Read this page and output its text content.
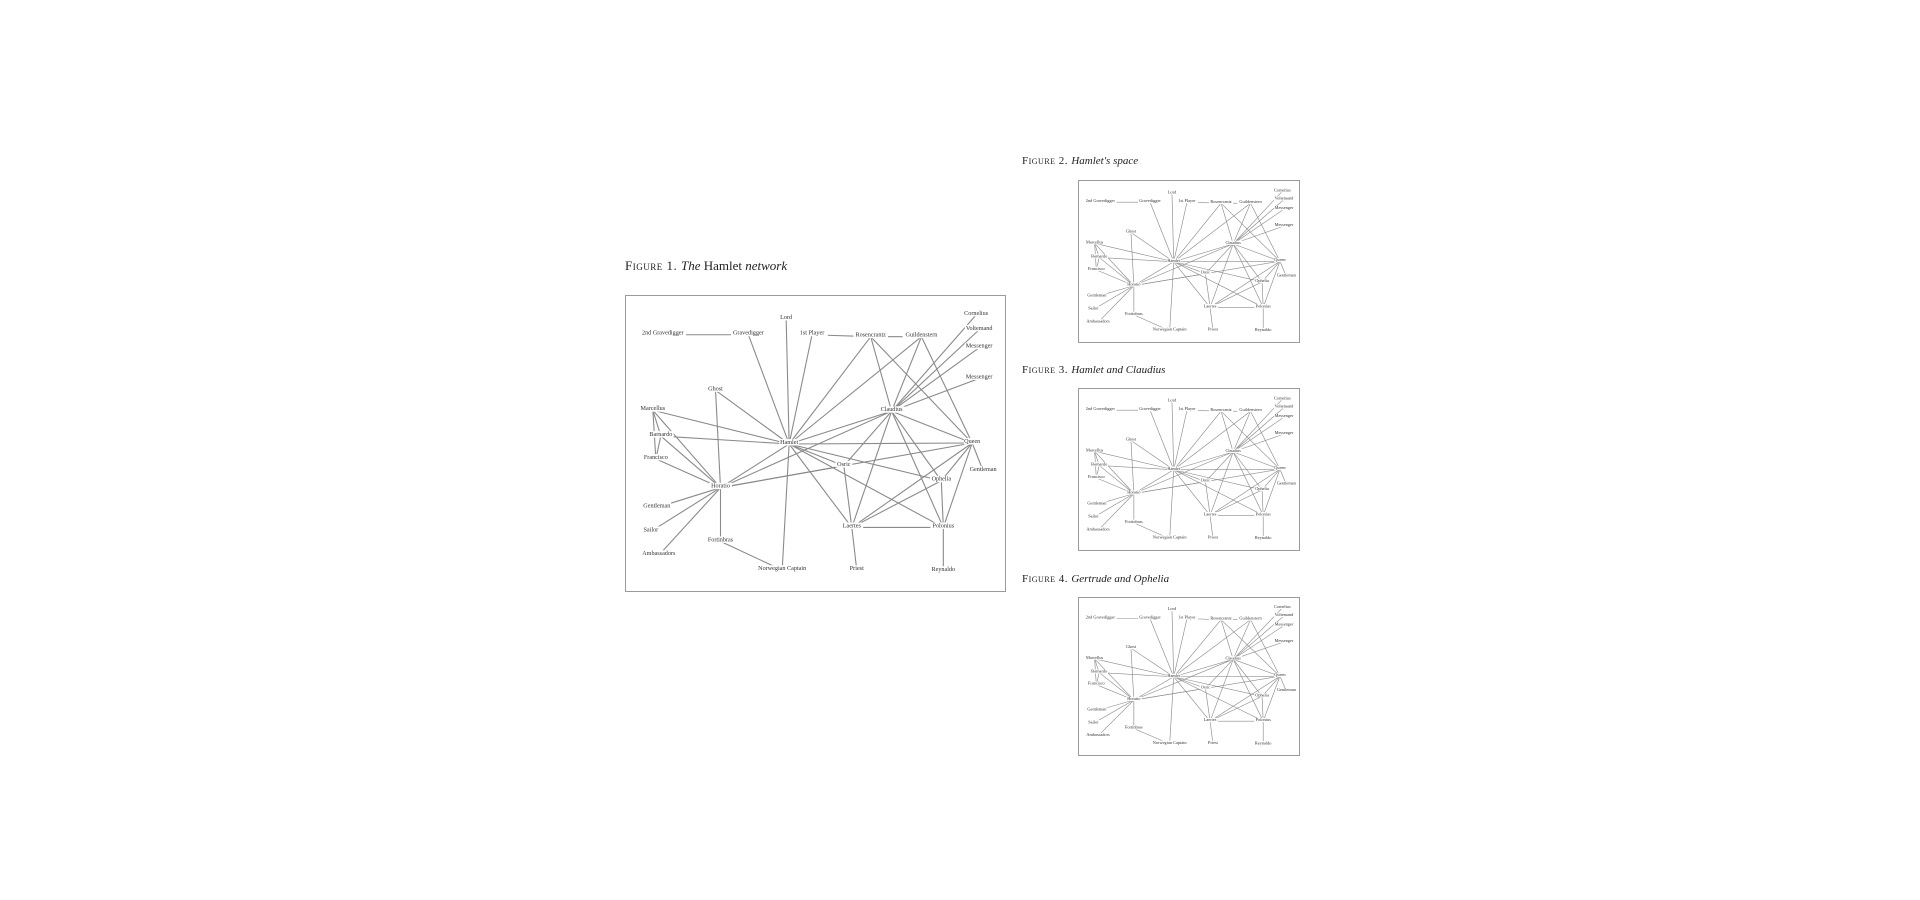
Figure 1. The Hamlet network
2nd Gravedigger	Gravedigger
Lord
1st Player	Rosencrantz	Guildenstern
Cornelius
Voltemand
Messenger
Messenger
Ghost
Marcellus
Barnardo
Francisco
Hamlet
Claudius
Queen
Gentleman
Osric
Ophelia
Horatio
Gentleman
Sailor
Ambassadors
Fortinbras
Norwegian Captain
Laertes	Polonius
Priest	Reynaldo
Figure 2. Hamlet's space
2nd Gravedigger	Gravedigger
Lord
1st Player Rosencrantz Guildenstern
Cornelius
Voltemand
Messenger
Messenger
Ghost
Marcellus
Barnardo
Francisco
Hamlet
Claudius
Queen
Gentleman
Osric
Ophelia
Horatio
Gentleman
Sailor
Ambassadors
Fortinbras
Norwegian Captain
Laertes	Polonius
Priest	Reynaldo
Figure 3. Hamlet and Claudius
2nd Gravedigger	Gravedigger
Lord
1st Player Rosencrantz Guildenstern
Cornelius
Voltemand
Messenger
Messenger
Ghost
Marcellus
Barnardo
Francisco
Hamlet
Claudius
Queen
Gentleman
Osric
Ophelia
Horatio
Gentleman
Sailor
Ambassadors
Fortinbras
Norwegian Captain
Laertes	Polonius
Priest	Reynaldo
Figure 4. Gertrude and Ophelia
2nd Gravedigger	Gravedigger
Lord
1st Player Rosencrantz Guildenstern
Cornelius
Voltemand
Messenger
Messenger
Ghost
Marcellus
Barnardo
Francisco
Hamlet
Claudius
Queen
Gentleman
Osric
Ophelia
Horatio
Gentleman
Sailor
Ambassadors
Fortinbras
Norwegian Captain
Laertes	Polonius
Priest	Reynaldo
